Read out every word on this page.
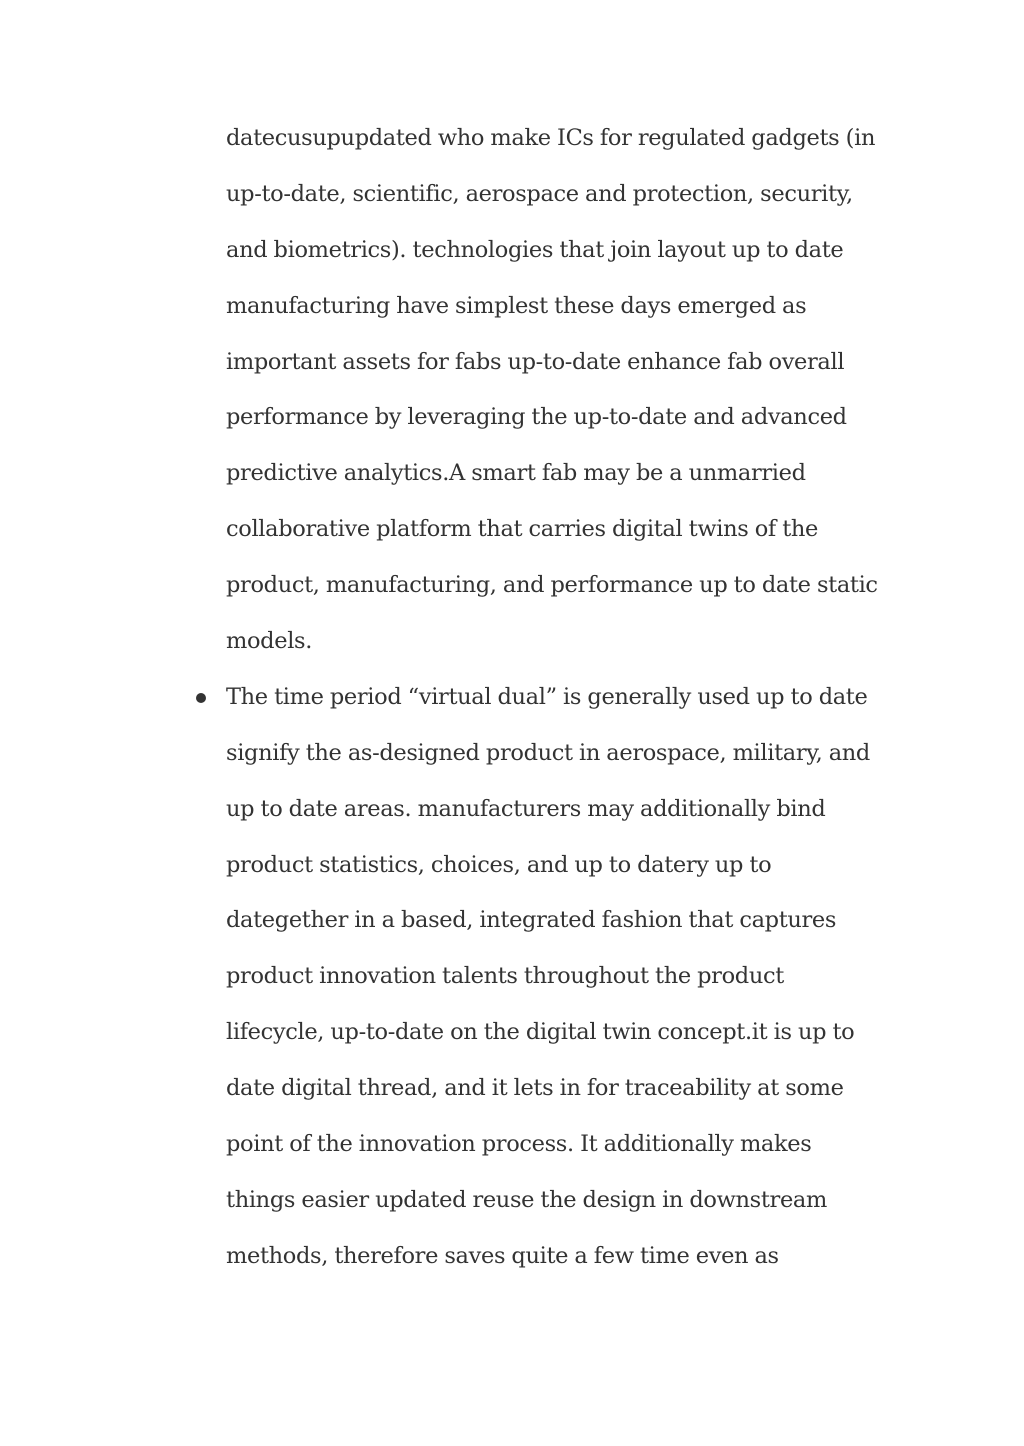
datecusupupdated who make ICs for regulated gadgets (in
up-to-date, scientific, aerospace and protection, security,
and biometrics). technologies that join layout up to date
manufacturing have simplest these days emerged as
important assets for fabs up-to-date enhance fab overall
performance by leveraging the up-to-date and advanced
predictive analytics.A smart fab may be a unmarried
collaborative platform that carries digital twins of the
product, manufacturing, and performance up to date static
models.
The time period “virtual dual” is generally used up to date
signify the as-designed product in aerospace, military, and
up to date areas. manufacturers may additionally bind
product statistics, choices, and up to datery up to
dategether in a based, integrated fashion that captures
product innovation talents throughout the product
lifecycle, up-to-date on the digital twin concept.it is up to
date digital thread, and it lets in for traceability at some
point of the innovation process. It additionally makes
things easier updated reuse the design in downstream
methods, therefore saves quite a few time even as
